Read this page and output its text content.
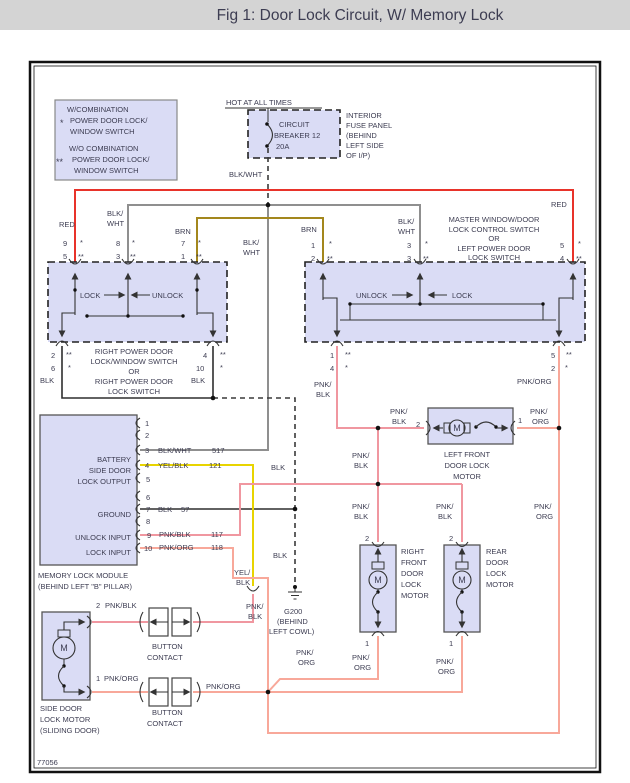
*
W/COMBINATION
POWER DOOR LOCK/
WINDOW SWITCH
**
W/O COMBINATION
POWER DOOR LOCK/
WINDOW SWITCH
HOT AT ALL TIMES
CIRCUIT
BREAKER 12
20A
INTERIOR
FUSE PANEL
(BEHIND
LEFT SIDE
OF I/P)
BLK/WHT
RED
BLK/
WHT
BRN
BLK/
WHT
BRN
BLK/
WHT
RED
9 *
5 **
8 *
3 **
7 *
1 **
1 *
2 **
3 *
3 **
5 *
4 **
LOCK	UNLOCK	UNLOCK	LOCK
2 **
6 *
BLK
4 **
10 *
BLK
RIGHT POWER DOOR
LOCK/WINDOW SWITCH
OR
RIGHT POWER DOOR
LOCK SWITCH
MASTER WINDOW/DOOR
LOCK CONTROL SWITCH
OR
LEFT POWER DOOR
LOCK SWITCH
1 **
4 *
PNK/
BLK
5 **
2 *
PNK/ORG
1
2
3 BLK/WHT	517
4 YEL/BLK	121
5
6
7 BLK 57
8
9 PNK/BLK	117
10 PNK/ORG 118
BATTERY
SIDE DOOR
LOCK OUTPUT
GROUND
UNLOCK INPUT
LOCK INPUT
MEMORY LOCK MODULE
(BEHIND LEFT "B" PILLAR)
BLK
BLK
YEL/
BLK
PNK/
BLK
G200
(BEHIND
LEFT COWL)
PNK/
ORG
PNK/
BLK
PNK/
BLK
PNK/
BLK
PNK/
ORG
PNK/
BLK 2	1
PNK/
ORG
LEFT FRONT
DOOR LOCK
MOTOR
2
RIGHT
FRONT
DOOR
LOCK
MOTOR
1
PNK/
ORG
2
REAR
DOOR
LOCK
MOTOR
1
PNK/
ORG
2 PNK/BLK
BUTTON
CONTACT
1 PNK/ORG
PNK/ORG
BUTTON
CONTACT
SIDE DOOR
LOCK MOTOR
(SLIDING DOOR)
77056
M
M	M
M
Fig 1: Door Lock Circuit, W/ Memory Lock
